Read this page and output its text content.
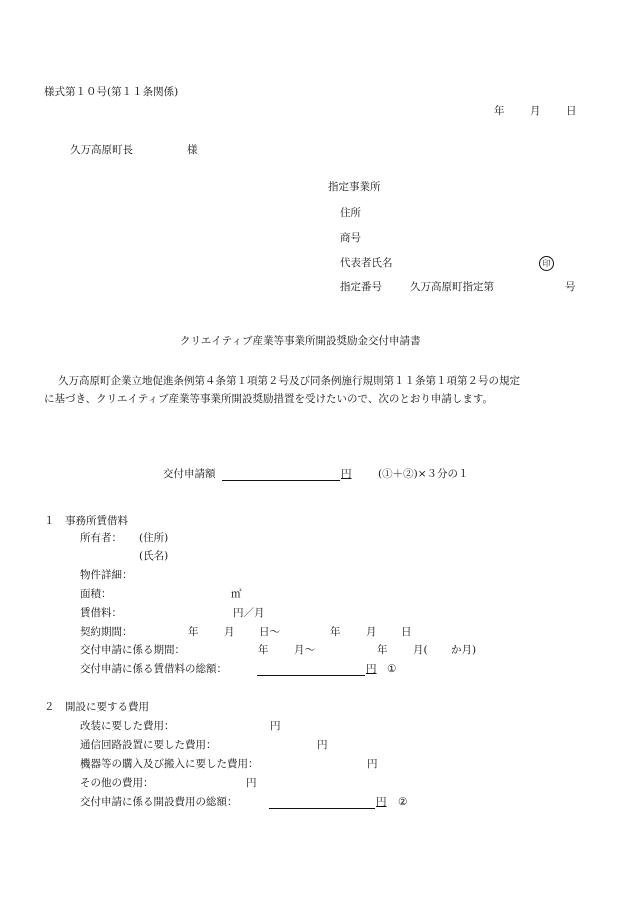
様式第１０号(第１１条関係)
年 月 日
久万高原町長	様
指定事業所
住所
商号
代表者氏名	印
指定番号	久万高原町指定第	号
クリエイティブ産業等事業所開設奨励金交付申請書
久万高原町企業立地促進条例第４条第１項第２号及び同条例施行規則第１１条第１項第２号の規定
に基づき、クリエイティブ産業等事業所開設奨励措置を受けたいので、次のとおり申請します。
交付申請額	円	(①＋②)×３分の１
１　事務所賃借料
所有者： (住所)
(氏名)
物件詳細：
面積：	㎡
賃借料：	円／月
契約期間：	年 月 日～	年 月 日
交付申請に係る期間：	年 月～	年 月( か月)
交付申請に係る賃借料の総額：	円 ①
２　開設に要する費用
改装に要した費用：	円
通信回路設置に要した費用：	円
機器等の購入及び搬入に要した費用：	円
その他の費用：	円
交付申請に係る開設費用の総額：	円 ②
